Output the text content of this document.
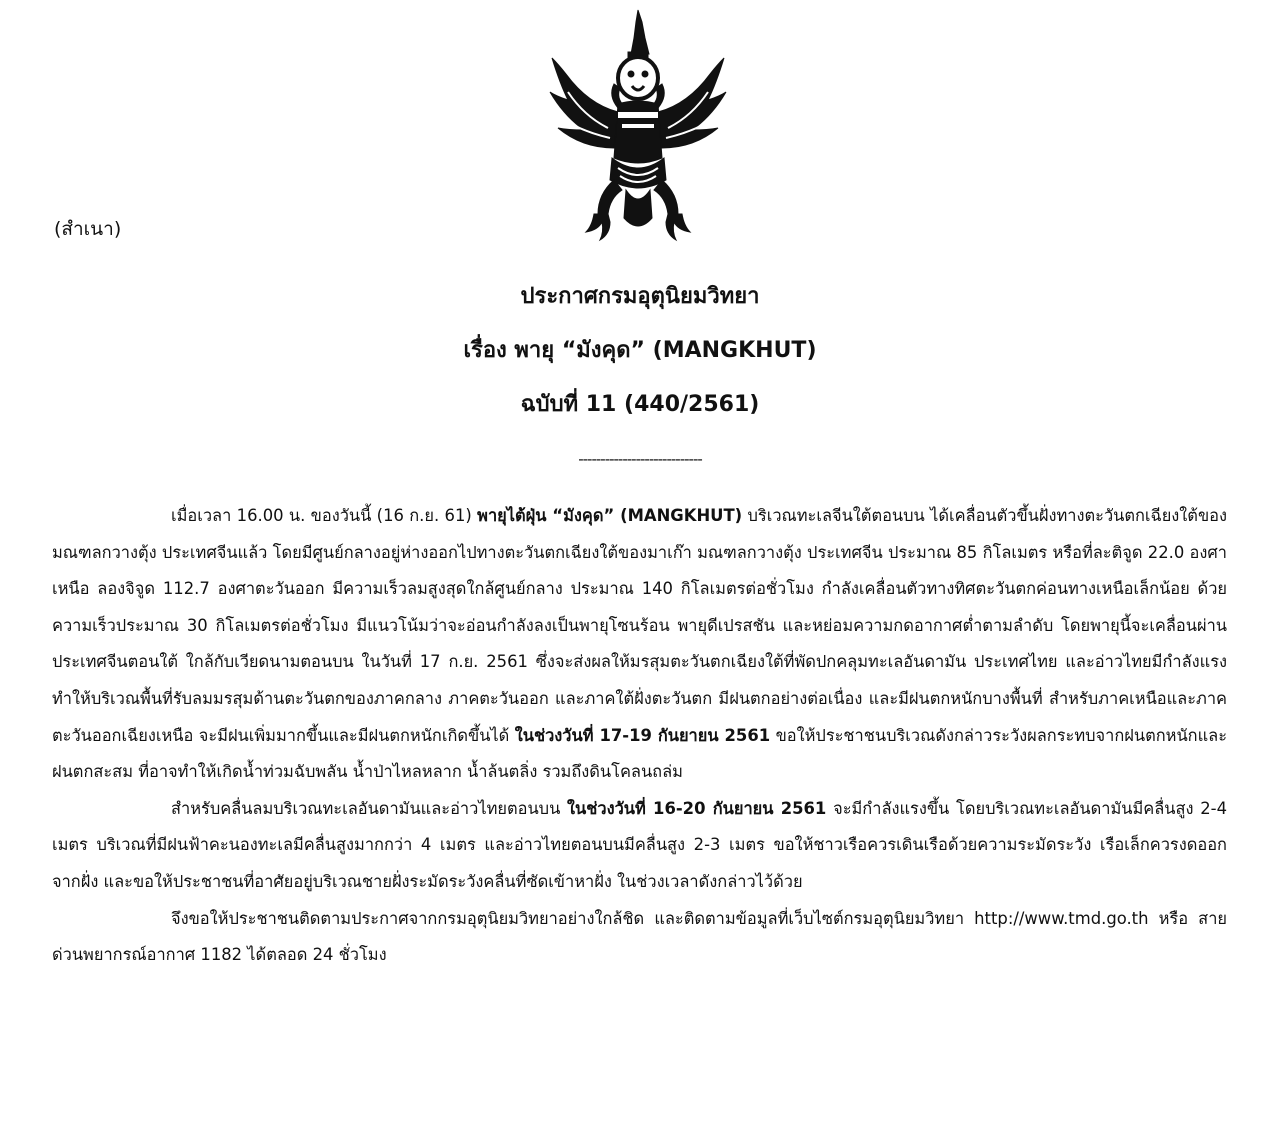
(สำเนา)
ประกาศกรมอุตุนิยมวิทยา
เรื่อง พายุ “มังคุด” (MANGKHUT)
ฉบับที่ 11 (440/2561)
----------------------------

เมื่อเวลา 16.00 น. ของวันนี้ (16 ก.ย. 61) พายุไต้ฝุ่น “มังคุด” (MANGKHUT) บริเวณทะเลจีนใต้ตอนบน ได้เคลื่อนตัวขึ้นฝั่งทางตะวันตกเฉียงใต้ของ มณฑลกวางตุ้ง ประเทศจีนแล้ว โดยมีศูนย์กลางอยู่ห่างออกไปทางตะวันตกเฉียงใต้ของมาเก๊า มณฑลกวางตุ้ง ประเทศจีน ประมาณ 85 กิโลเมตร หรือที่ละติจูด 22.0 องศาเหนือ ลองจิจูด 112.7 องศาตะวันออก มีความเร็วลมสูงสุดใกล้ศูนย์กลาง ประมาณ 140 กิโลเมตรต่อชั่วโมง กำลังเคลื่อนตัวทางทิศตะวันตกค่อนทางเหนือเล็กน้อย ด้วยความเร็วประมาณ 30 กิโลเมตรต่อชั่วโมง มีแนวโน้มว่าจะอ่อนกำลังลงเป็นพายุโซนร้อน พายุดีเปรสชัน และหย่อมความกดอากาศต่ำตามลำดับ โดยพายุนี้จะเคลื่อนผ่านประเทศจีนตอนใต้ ใกล้กับเวียดนามตอนบน ในวันที่ 17 ก.ย. 2561 ซึ่งจะส่งผลให้มรสุมตะวันตกเฉียงใต้ที่พัดปกคลุมทะเลอันดามัน ประเทศไทย และอ่าวไทยมีกำลังแรง ทำให้บริเวณพื้นที่รับลมมรสุมด้านตะวันตกของภาคกลาง ภาคตะวันออก และภาคใต้ฝั่งตะวันตก มีฝนตกอย่างต่อเนื่อง และมีฝนตกหนักบางพื้นที่ สำหรับภาคเหนือและภาคตะวันออกเฉียงเหนือ จะมีฝนเพิ่มมากขึ้นและมีฝนตกหนักเกิดขึ้นได้ ในช่วงวันที่ 17-19 กันยายน 2561 ขอให้ประชาชนบริเวณดังกล่าวระวังผลกระทบจากฝนตกหนักและฝนตกสะสม ที่อาจทำให้เกิดน้ำท่วมฉับพลัน น้ำป่าไหลหลาก น้ำล้นตลิ่ง รวมถึงดินโคลนถล่ม

สำหรับคลื่นลมบริเวณทะเลอันดามันและอ่าวไทยตอนบน ในช่วงวันที่ 16-20 กันยายน 2561 จะมีกำลังแรงขึ้น โดยบริเวณทะเลอันดามันมีคลื่นสูง 2-4 เมตร บริเวณที่มีฝนฟ้าคะนองทะเลมีคลื่นสูงมากกว่า 4 เมตร และอ่าวไทยตอนบนมีคลื่นสูง 2-3 เมตร ขอให้ชาวเรือควรเดินเรือด้วยความระมัดระวัง เรือเล็กควรงดออกจากฝั่ง และขอให้ประชาชนที่อาศัยอยู่บริเวณชายฝั่งระมัดระวังคลื่นที่ซัดเข้าหาฝั่ง ในช่วงเวลาดังกล่าวไว้ด้วย

จึงขอให้ประชาชนติดตามประกาศจากกรมอุตุนิยมวิทยาอย่างใกล้ชิด และติดตามข้อมูลที่เว็บไซต์กรมอุตุนิยมวิทยา http://www.tmd.go.th หรือ สายด่วนพยากรณ์อากาศ 1182 ได้ตลอด 24 ชั่วโมง
